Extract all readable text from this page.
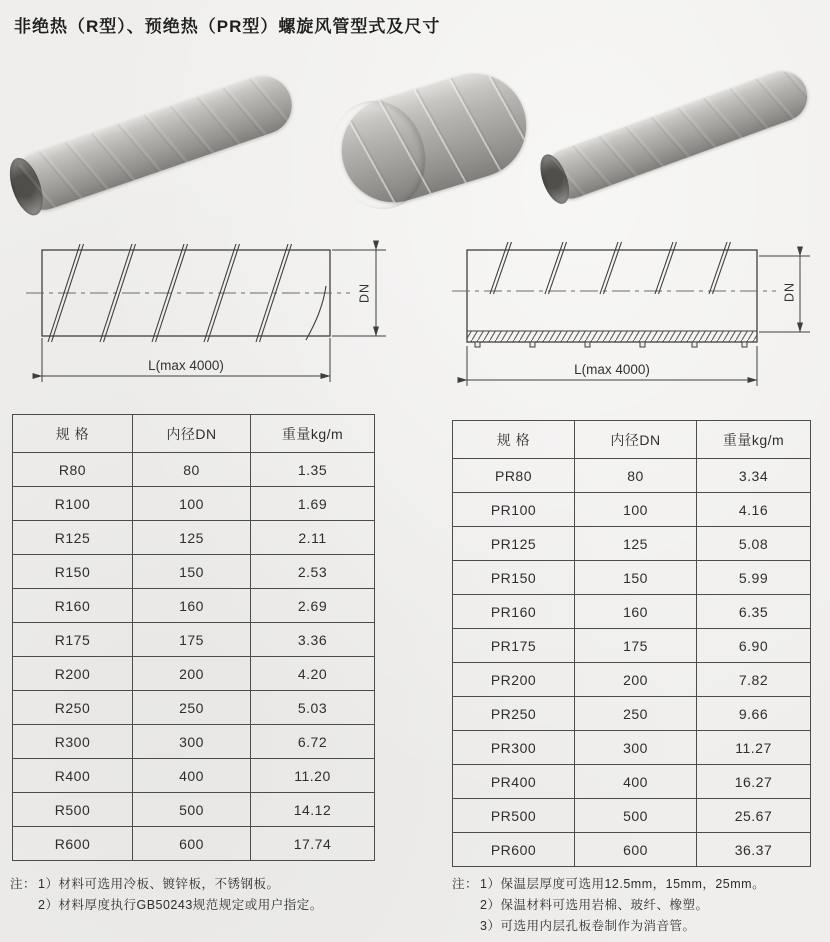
非绝热（R型）、预绝热（PR型）螺旋风管型式及尺寸
DN
L(max 4000)
DN
L(max 4000)
规 格	内径DN	重量kg/m
R80	80	1.35
R100	100	1.69
R125	125	2.11
R150	150	2.53
R160	160	2.69
R175	175	3.36
R200	200	4.20
R250	250	5.03
R300	300	6.72
R400	400	11.20
R500	500	14.12
R600	600	17.74
规 格	内径DN	重量kg/m
PR80	80	3.34
PR100	100	4.16
PR125	125	5.08
PR150	150	5.99
PR160	160	6.35
PR175	175	6.90
PR200	200	7.82
PR250	250	9.66
PR300	300	11.27
PR400	400	16.27
PR500	500	25.67
PR600	600	36.37
注： 1）材料可选用冷板、镀锌板，不锈钢板。
2）材料厚度执行GB50243规范规定或用户指定。
注： 1）保温层厚度可选用12.5mm，15mm，25mm。
2）保温材料可选用岩棉、玻纤、橡塑。
3）可选用内层孔板卷制作为消音管。
